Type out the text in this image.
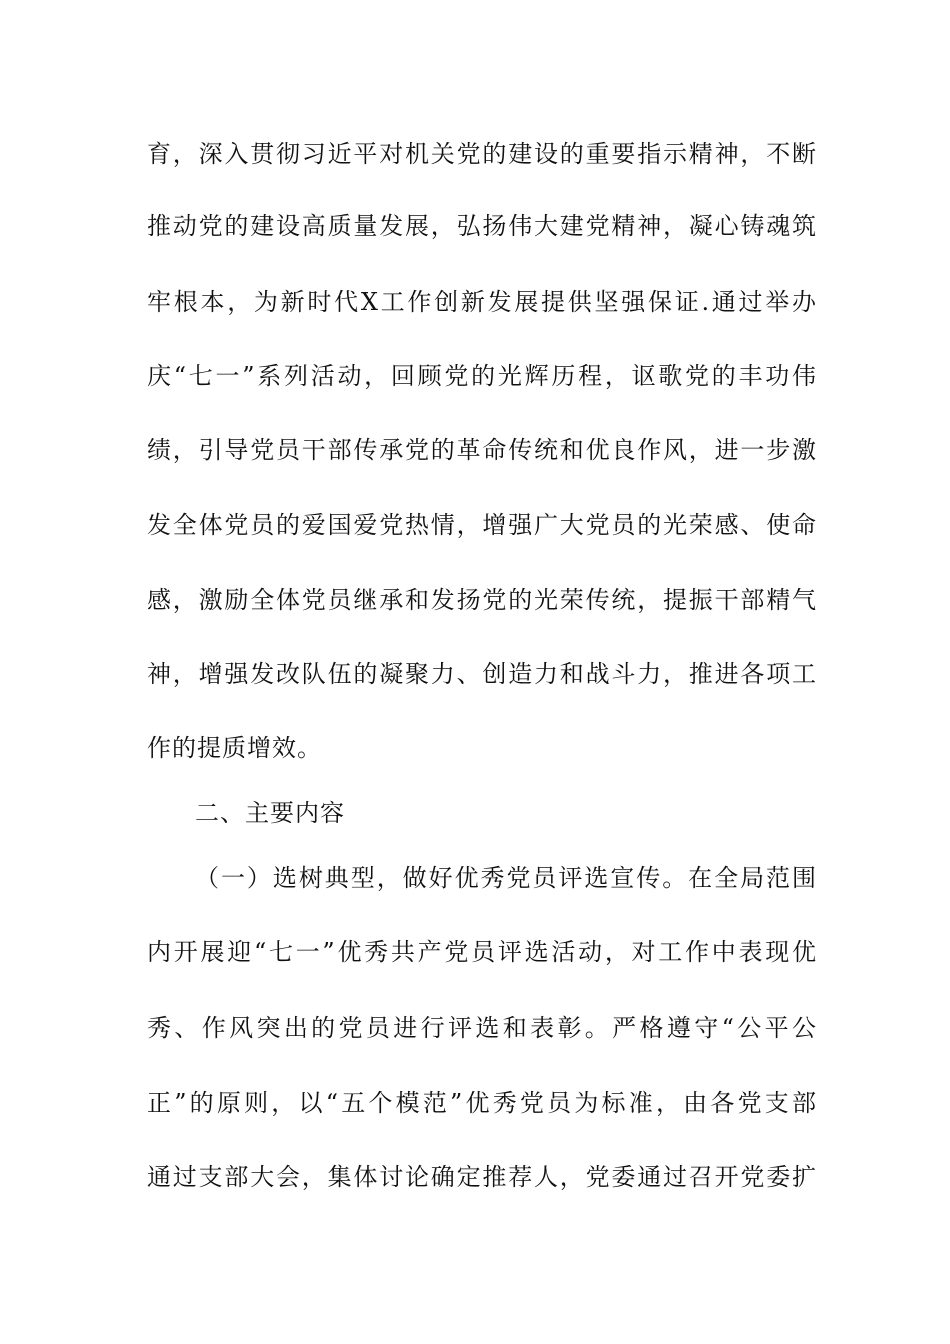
育，深入贯彻习近平对机关党的建设的重要指示精神，不断
推动党的建设高质量发展，弘扬伟大建党精神，凝心铸魂筑
牢根本，为新时代X工作创新发展提供坚强保证.通过举办
庆“七一”系列活动，回顾党的光辉历程，讴歌党的丰功伟
绩，引导党员干部传承党的革命传统和优良作风，进一步激
发全体党员的爱国爱党热情，增强广大党员的光荣感、使命
感，激励全体党员继承和发扬党的光荣传统，提振干部精气
神，增强发改队伍的凝聚力、创造力和战斗力，推进各项工
作的提质增效。
二、主要内容
（一）选树典型，做好优秀党员评选宣传。在全局范围
内开展迎“七一”优秀共产党员评选活动，对工作中表现优
秀、作风突出的党员进行评选和表彰。严格遵守“公平公
正”的原则，以“五个模范”优秀党员为标准，由各党支部
通过支部大会，集体讨论确定推荐人，党委通过召开党委扩
